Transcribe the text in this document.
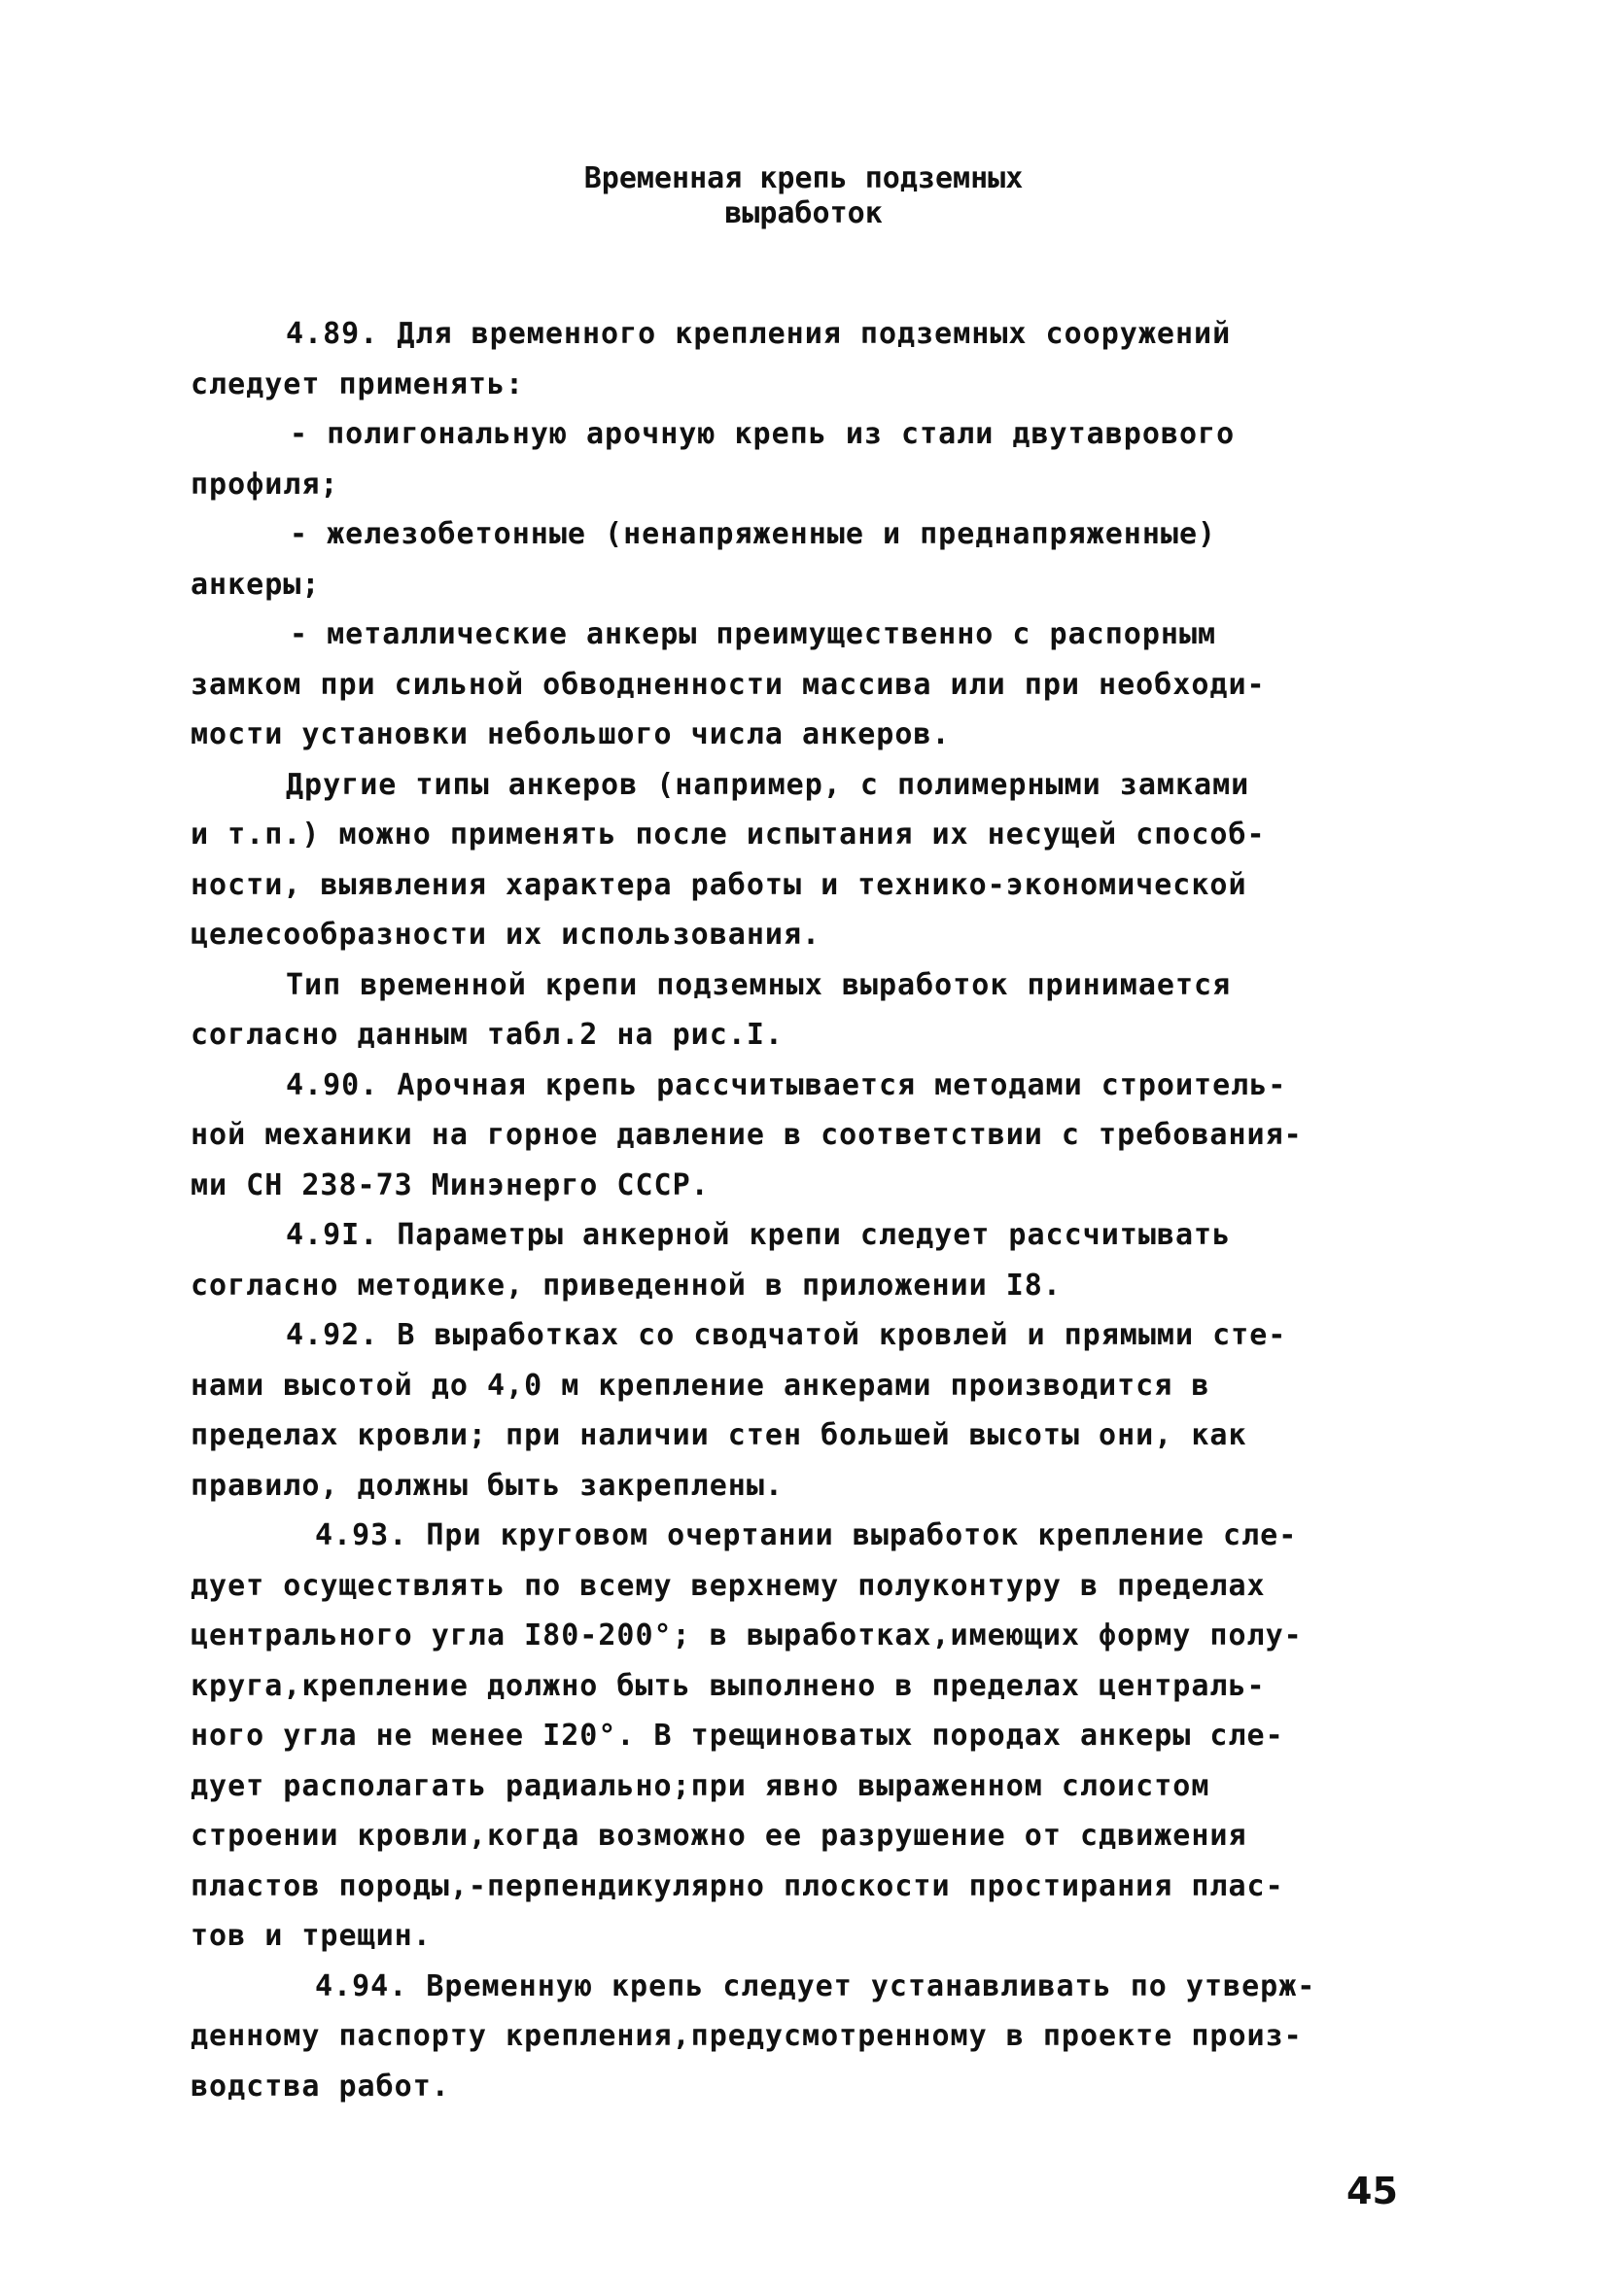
Временная крепь подземных
выработок
4.89. Для временного крепления подземных сооружений
следует применять:
- полигональную арочную крепь из стали двутаврового
профиля;
- железобетонные (ненапряженные и преднапряженные)
анкеры;
- металлические анкеры преимущественно с распорным
замком при сильной обводненности массива или при необходи-
мости установки небольшого числа анкеров.
Другие типы анкеров (например, с полимерными замками
и т.п.) можно применять после испытания их несущей способ-
ности, выявления характера работы и технико-экономической
целесообразности их использования.
Тип временной крепи подземных выработок принимается
согласно данным табл.2 на рис.I.
4.90. Арочная крепь рассчитывается методами строитель-
ной механики на горное давление в соответствии с требования-
ми СН 238-73 Минэнерго СССР.
4.9I. Параметры анкерной крепи следует рассчитывать
согласно методике, приведенной в приложении I8.
4.92. В выработках со сводчатой кровлей и прямыми сте-
нами высотой до 4,0 м крепление анкерами производится в
пределах кровли; при наличии стен большей высоты они, как
правило, должны быть закреплены.
4.93. При круговом очертании выработок крепление сле-
дует осуществлять по всему верхнему полуконтуру в пределах
центрального угла I80-200°; в выработках,имеющих форму полу-
круга,крепление должно быть выполнено в пределах централь-
ного угла не менее I20°. В трещиноватых породах анкеры сле-
дует располагать радиально;при явно выраженном слоистом
строении кровли,когда возможно ее разрушение от сдвижения
пластов породы,-перпендикулярно плоскости простирания плас-
тов и трещин.
4.94. Временную крепь следует устанавливать по утверж-
денному паспорту крепления,предусмотренному в проекте произ-
водства работ.
45
